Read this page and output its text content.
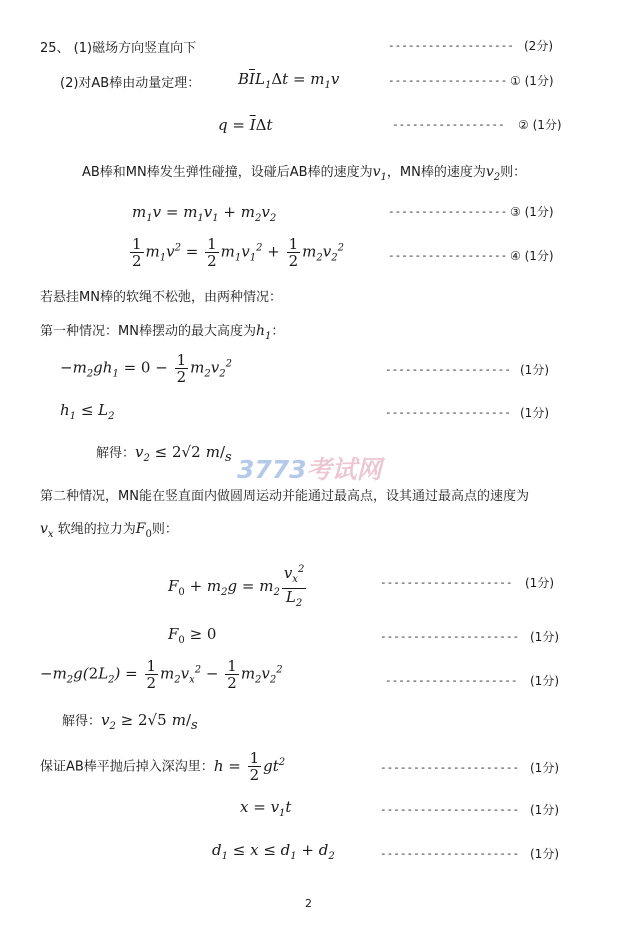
25、 (1)磁场方向竖直向下	------------------- (2分)
(2)对AB棒由动量定理：	$B\overline{I}L_1\Delta t = m_1v$	------------------ ① (1分)
$q = \overline{I}\Delta t$	----------------- ② (1分)
AB棒和MN棒发生弹性碰撞，设碰后AB棒的速度为$v_1$，MN棒的速度为$v_2$则：
$m_1v = m_1v_1 + m_2v_2$
------------------ ③ (1分)
$\frac{1}{2} m_1v^2 = \frac{1}{2} m_1v_1^2 + \frac{1}{2} m_2v_2^2$
------------------ ④ (1分)
若悬挂MN棒的软绳不松弛，由两种情况：
第一种情况：MN棒摆动的最大高度为$h_1$：
$-m_2gh_1 = 0 - \frac{1}{2} m_2v_2^2$	------------------- (1分)
$h_1 \le L_2$	------------------- (1分)
解得：$v_2 \le 2√2$ $m/_s$ 3773考试网
第二种情况，MN能在竖直面内做圆周运动并能通过最高点，设其通过最高点的速度为
$v_x$ 软绳的拉力为$F_0$则：
$F_0 + m_2g = m_2 \frac{v_x^2}{L_2}$	-------------------- (1分)
$F_0 \ge 0$	--------------------- (1分)
$-m_2g(2L_2) = \frac{1}{2} m_2v_x^2 - \frac{1}{2} m_2v_2^2$
-------------------- (1分)
解得：$v_2 \ge 2√5$ $m/_s$
保证AB棒平抛后掉入深沟里：$h = \frac{1}{2} gt^2$	--------------------- (1分)
$x = v_1t$	--------------------- (1分)
$d_1 \le x \le d_1 + d_2$	--------------------- (1分)
2
